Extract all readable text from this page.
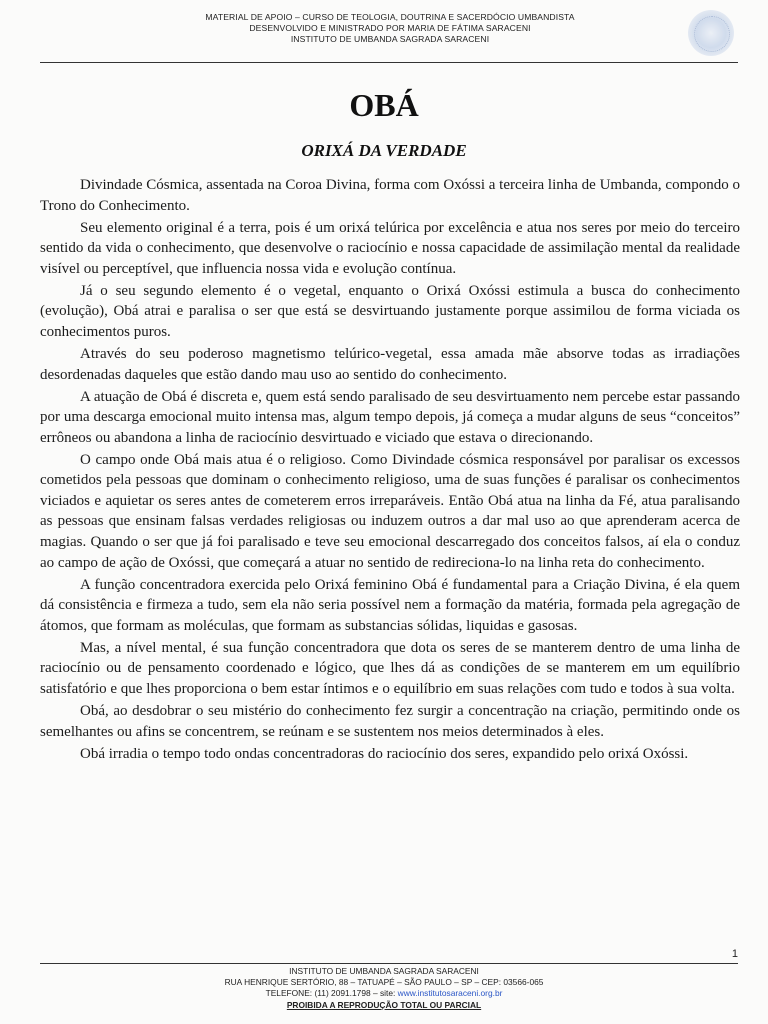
MATERIAL DE APOIO – CURSO DE TEOLOGIA, DOUTRINA E SACERDÓCIO UMBANDISTA
DESENVOLVIDO E MINISTRADO POR MARIA DE FÁTIMA SARACENI
INSTITUTO DE UMBANDA SAGRADA SARACENI
OBÁ
ORIXÁ DA VERDADE

Divindade Cósmica, assentada na Coroa Divina, forma com Oxóssi a terceira linha de Umbanda, compondo o Trono do Conhecimento.

Seu elemento original é a terra, pois é um orixá telúrica por excelência e atua nos seres por meio do terceiro sentido da vida o conhecimento, que desenvolve o raciocínio e nossa capacidade de assimilação mental da realidade visível ou perceptível, que influencia nossa vida e evolução contínua.

Já o seu segundo elemento é o vegetal, enquanto o Orixá Oxóssi estimula a busca do conhecimento (evolução), Obá atrai e paralisa o ser que está se desvirtuando justamente porque assimilou de forma viciada os conhecimentos puros.

Através do seu poderoso magnetismo telúrico-vegetal, essa amada mãe absorve todas as irradiações desordenadas daqueles que estão dando mau uso ao sentido do conhecimento.

A atuação de Obá é discreta e, quem está sendo paralisado de seu desvirtuamento nem percebe estar passando por uma descarga emocional muito intensa mas, algum tempo depois, já começa a mudar alguns de seus “conceitos” errôneos ou abandona a linha de raciocínio desvirtuado e viciado que estava o direcionando.

O campo onde Obá mais atua é o religioso. Como Divindade cósmica responsável por paralisar os excessos cometidos pela pessoas que dominam o conhecimento religioso, uma de suas funções é paralisar os conhecimentos viciados e aquietar os seres antes de cometerem erros irreparáveis. Então Obá atua na linha da Fé, atua paralisando as pessoas que ensinam falsas verdades religiosas ou induzem outros a dar mal uso ao que aprenderam acerca de magias. Quando o ser que já foi paralisado e teve seu emocional descarregado dos conceitos falsos, aí ela o conduz ao campo de ação de Oxóssi, que começará a atuar no sentido de redireciona-lo na linha reta do conhecimento.

A função concentradora exercida pelo Orixá feminino Obá é fundamental para a Criação Divina, é ela quem dá consistência e firmeza a tudo, sem ela não seria possível nem a formação da matéria, formada pela agregação de átomos, que formam as moléculas, que formam as substancias sólidas, liquidas e gasosas.

Mas, a nível mental, é sua função concentradora que dota os seres de se manterem dentro de uma linha de raciocínio ou de pensamento coordenado e lógico, que lhes dá as condições de se manterem em um equilíbrio satisfatório e que lhes proporciona o bem estar íntimos e o equilíbrio em suas relações com tudo e todos à sua volta.

Obá, ao desdobrar o seu mistério do conhecimento fez surgir a concentração na criação, permitindo onde os semelhantes ou afins se concentrem, se reúnam e se sustentem nos meios determinados à eles.

Obá irradia o tempo todo ondas concentradoras do raciocínio dos seres, expandido pelo orixá Oxóssi.

1
INSTITUTO DE UMBANDA SAGRADA SARACENI
RUA HENRIQUE SERTÓRIO, 88 – TATUAPÉ – SÃO PAULO – SP – CEP: 03566-065
TELEFONE: (11) 2091.1798 – site: www.institutosaraceni.org.br
PROIBIDA A REPRODUÇÃO TOTAL OU PARCIAL
